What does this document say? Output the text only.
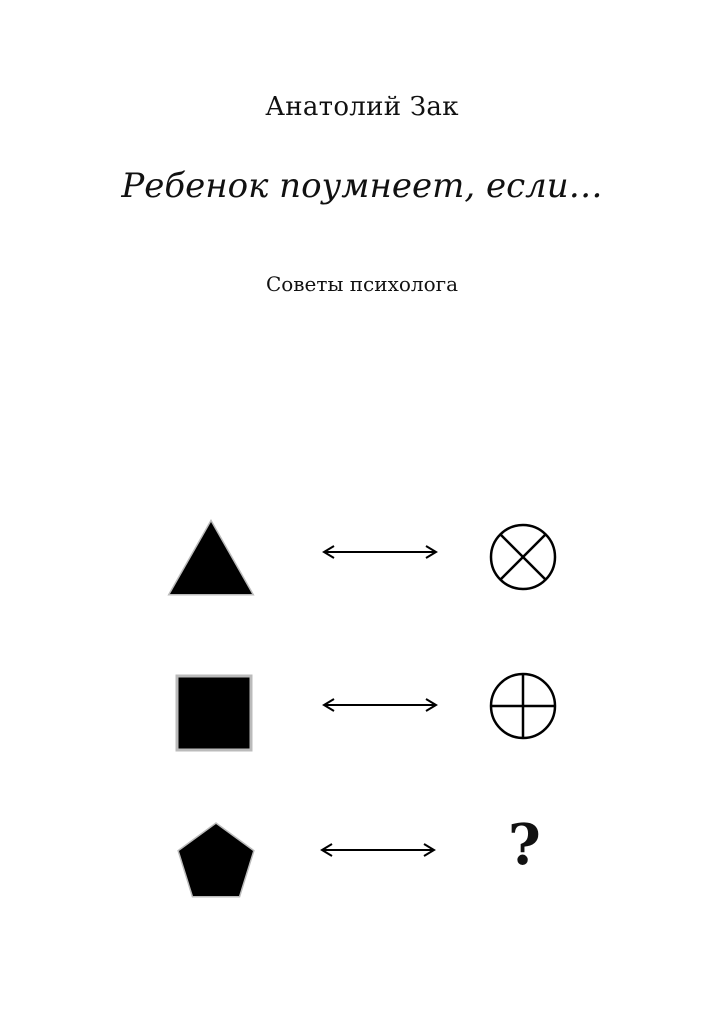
Анатолий Зак
Ребенок поумнеет, если…
Советы психолога
?
